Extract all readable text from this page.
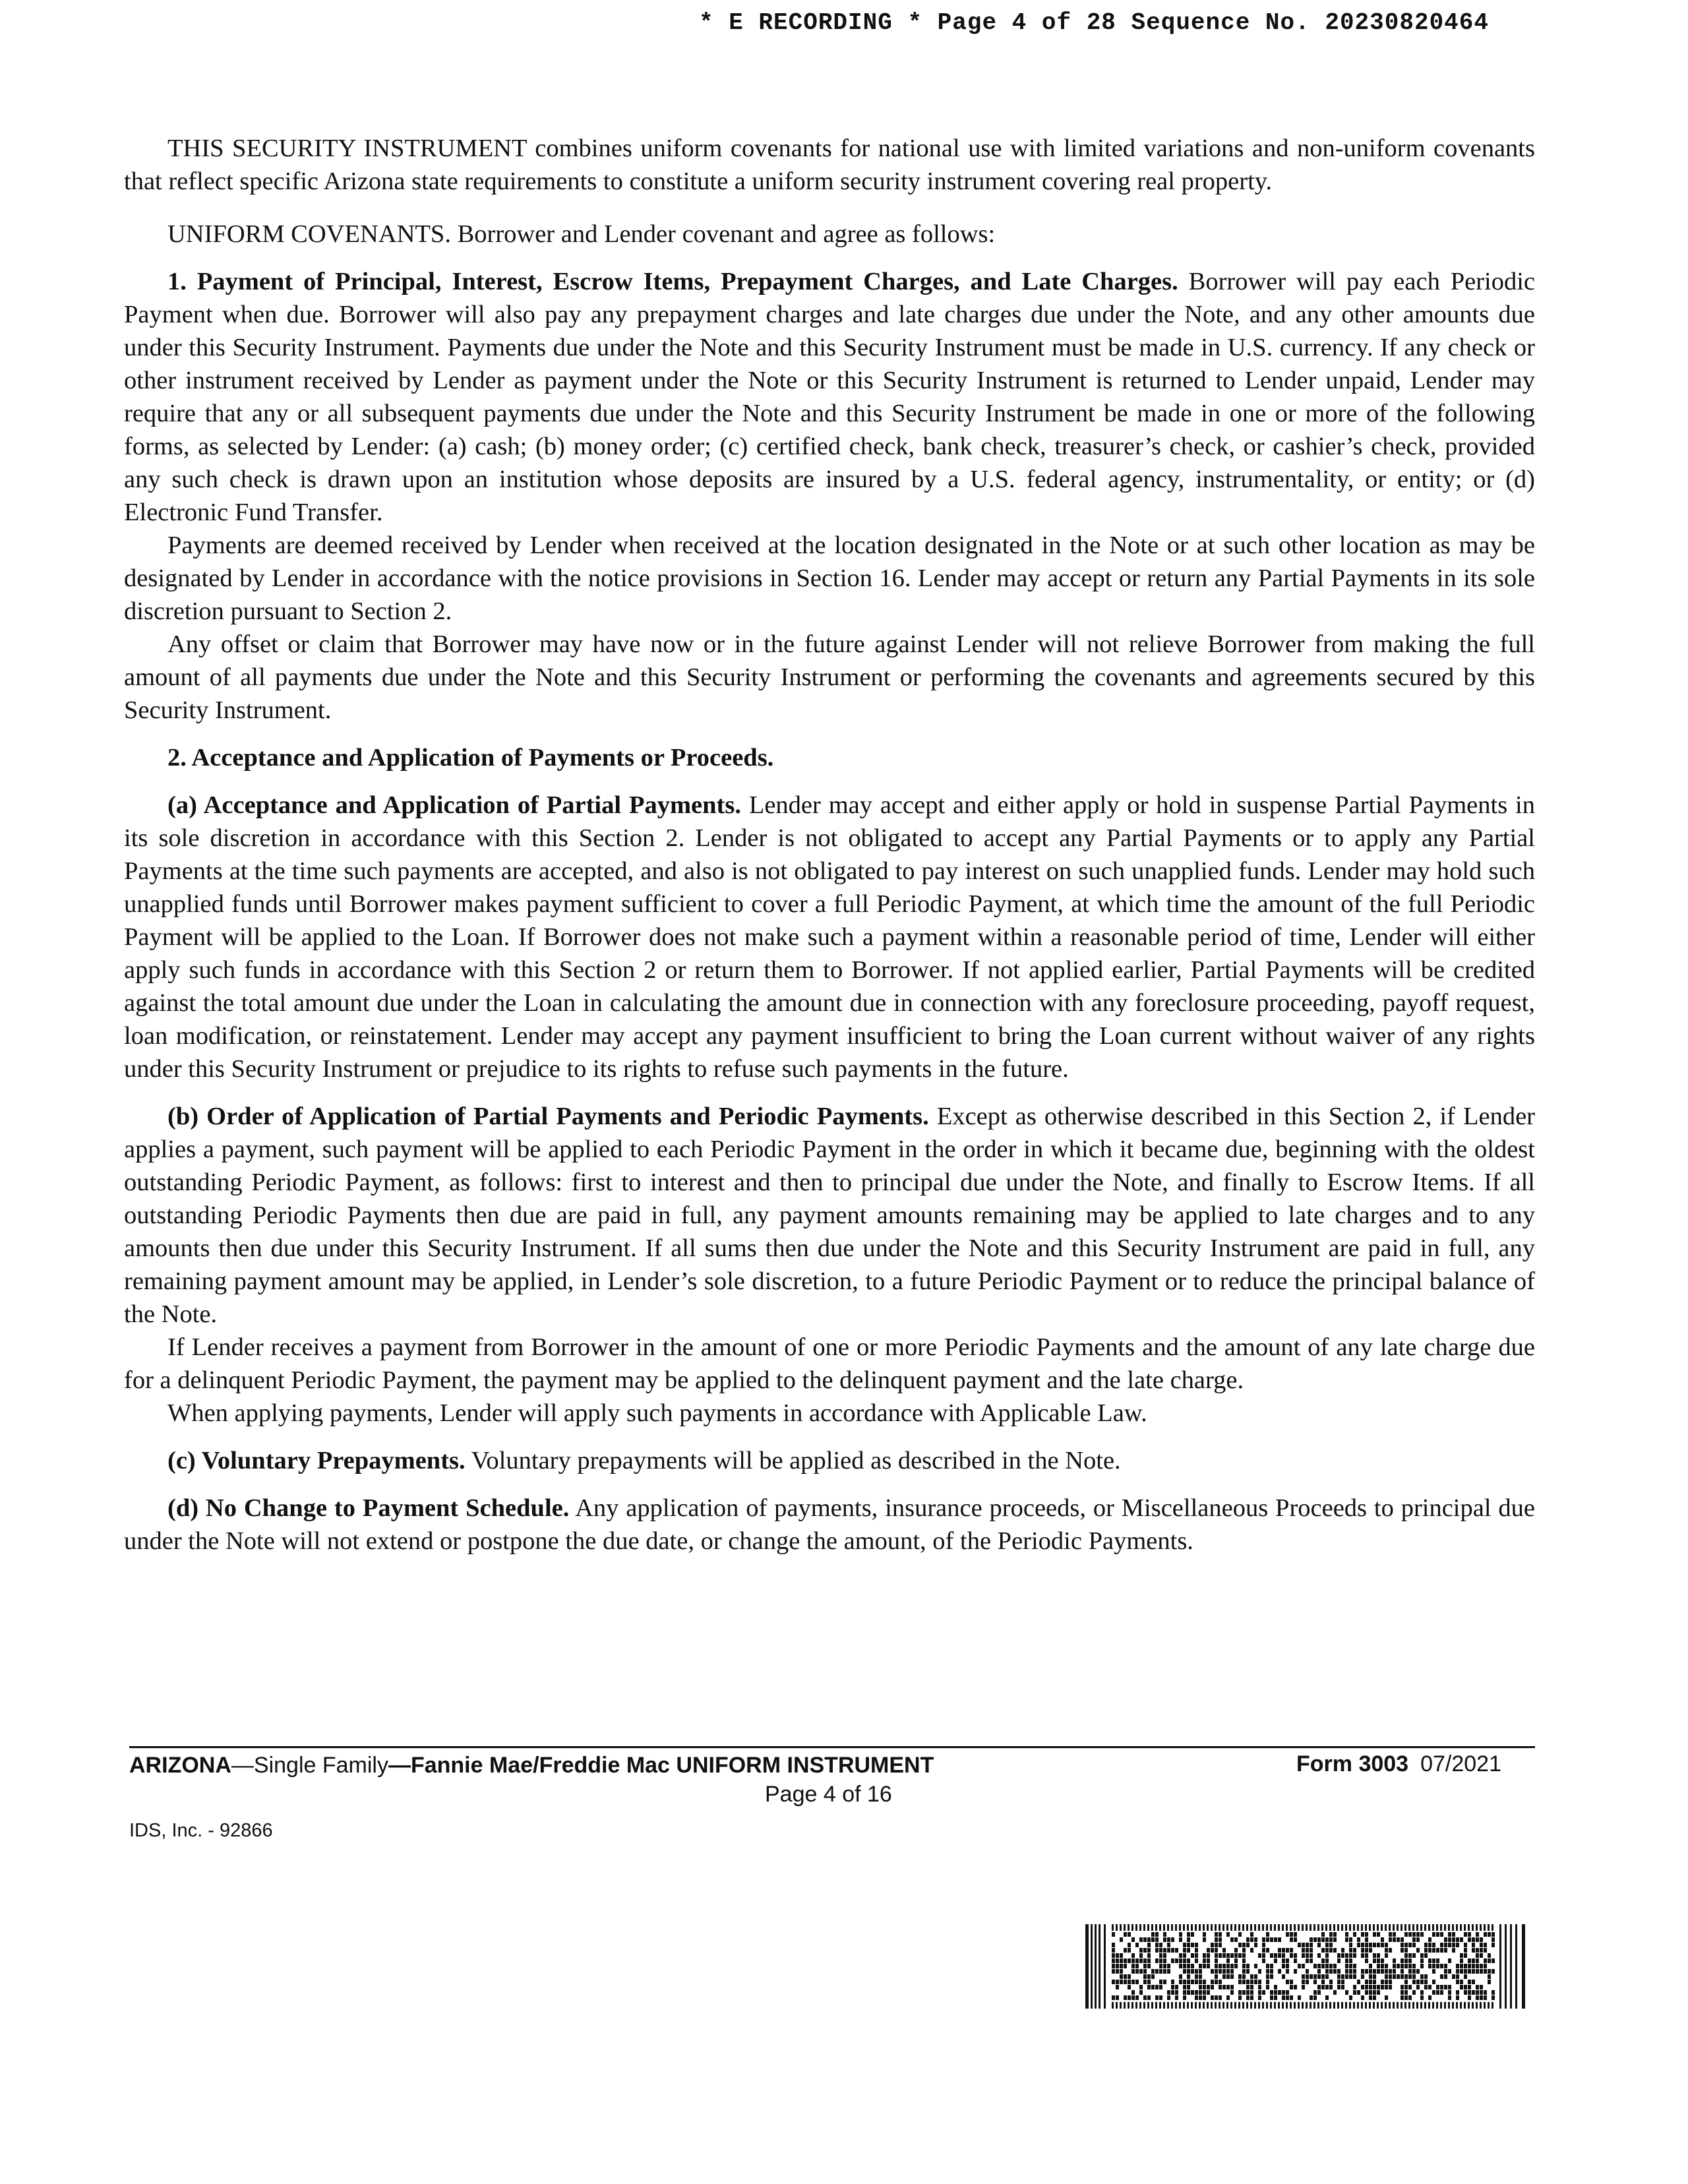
* E RECORDING * Page 4 of 28 Sequence No. 20230820464

THIS SECURITY INSTRUMENT combines uniform covenants for national use with limited variations and non-uniform covenants that reflect specific Arizona state requirements to constitute a uniform security instrument covering real property.

UNIFORM COVENANTS. Borrower and Lender covenant and agree as follows:

1. Payment of Principal, Interest, Escrow Items, Prepayment Charges, and Late Charges. Borrower will pay each Periodic Payment when due. Borrower will also pay any prepayment charges and late charges due under the Note, and any other amounts due under this Security Instrument. Payments due under the Note and this Security Instrument must be made in U.S. currency. If any check or other instrument received by Lender as payment under the Note or this Security Instrument is returned to Lender unpaid, Lender may require that any or all subsequent payments due under the Note and this Security Instrument be made in one or more of the following forms, as selected by Lender: (a) cash; (b) money order; (c) certified check, bank check, treasurer’s check, or cashier’s check, provided any such check is drawn upon an institution whose deposits are insured by a U.S. federal agency, instrumentality, or entity; or (d) Electronic Fund Transfer.

Payments are deemed received by Lender when received at the location designated in the Note or at such other location as may be designated by Lender in accordance with the notice provisions in Section 16. Lender may accept or return any Partial Payments in its sole discretion pursuant to Section 2.

Any offset or claim that Borrower may have now or in the future against Lender will not relieve Borrower from making the full amount of all payments due under the Note and this Security Instrument or performing the covenants and agreements secured by this Security Instrument.

2. Acceptance and Application of Payments or Proceeds.

(a) Acceptance and Application of Partial Payments. Lender may accept and either apply or hold in suspense Partial Payments in its sole discretion in accordance with this Section 2. Lender is not obligated to accept any Partial Payments or to apply any Partial Payments at the time such payments are accepted, and also is not obligated to pay interest on such unapplied funds. Lender may hold such unapplied funds until Borrower makes payment sufficient to cover a full Periodic Payment, at which time the amount of the full Periodic Payment will be applied to the Loan. If Borrower does not make such a payment within a reasonable period of time, Lender will either apply such funds in accordance with this Section 2 or return them to Borrower. If not applied earlier, Partial Payments will be credited against the total amount due under the Loan in calculating the amount due in connection with any foreclosure proceeding, payoff request, loan modification, or reinstatement. Lender may accept any payment insufficient to bring the Loan current without waiver of any rights under this Security Instrument or prejudice to its rights to refuse such payments in the future.

(b) Order of Application of Partial Payments and Periodic Payments. Except as otherwise described in this Section 2, if Lender applies a payment, such payment will be applied to each Periodic Payment in the order in which it became due, beginning with the oldest outstanding Periodic Payment, as follows: first to interest and then to principal due under the Note, and finally to Escrow Items. If all outstanding Periodic Payments then due are paid in full, any payment amounts remaining may be applied to late charges and to any amounts then due under this Security Instrument. If all sums then due under the Note and this Security Instrument are paid in full, any remaining payment amount may be applied, in Lender’s sole discretion, to a future Periodic Payment or to reduce the principal balance of the Note.

If Lender receives a payment from Borrower in the amount of one or more Periodic Payments and the amount of any late charge due for a delinquent Periodic Payment, the payment may be applied to the delinquent payment and the late charge.

When applying payments, Lender will apply such payments in accordance with Applicable Law.

(c) Voluntary Prepayments. Voluntary prepayments will be applied as described in the Note.

(d) No Change to Payment Schedule. Any application of payments, insurance proceeds, or Miscellaneous Proceeds to principal due under the Note will not extend or postpone the due date, or change the amount, of the Periodic Payments.

ARIZONA—Single Family—Fannie Mae/Freddie Mac UNIFORM INSTRUMENT	Form 3003 07/2021
Page 4 of 16
IDS, Inc. - 92866
